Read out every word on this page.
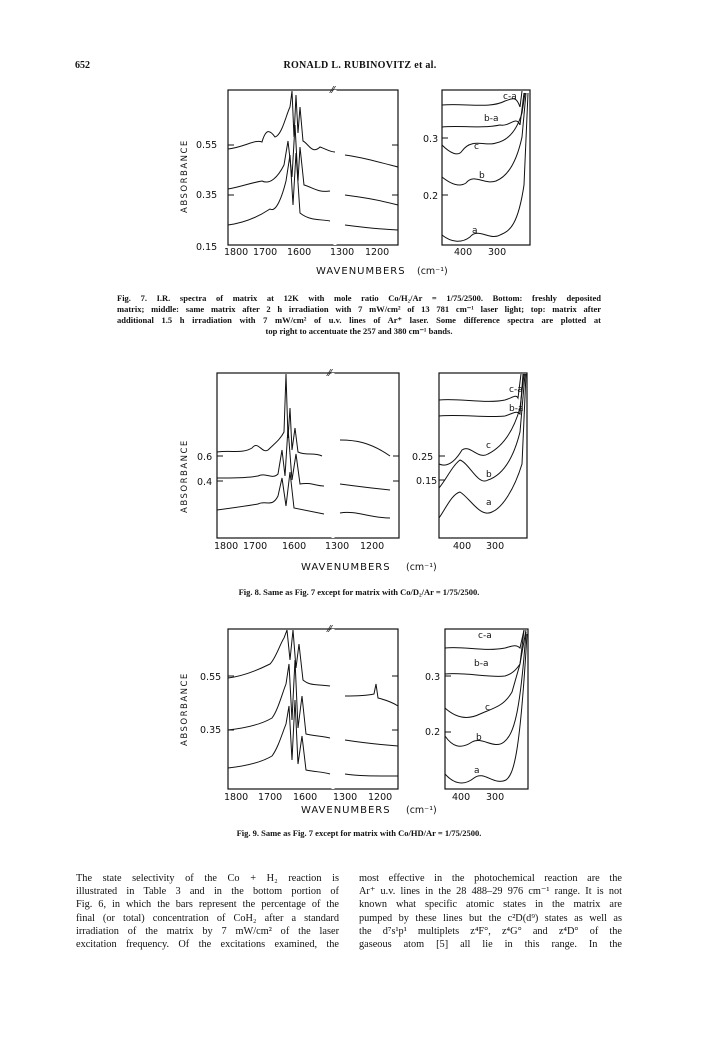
652	RONALD L. RUBINOVITZ et al.
⁄⁄
ABSORBANCE 0.55
0.35
0.15
0.3
0.2
1800 1700 1600 1300 1200	400 300
WAVENUMBERS (cm⁻¹)
c-a
b-a
c
b
a
Fig. 7. I.R. spectra of matrix at 12K with mole ratio Co/H₂/Ar = 1/75/2500. Bottom: freshly deposited
matrix; middle: same matrix after 2 h irradiation with 7 mW/cm² of 13 781 cm⁻¹ laser light; top: matrix after
additional 1.5 h irradiation with 7 mW/cm² of u.v. lines of Ar⁺ laser. Some difference spectra are plotted at
top right to accentuate the 257 and 380 cm⁻¹ bands.
⁄⁄
ABSORBANCE 0.6
0.4
0.25
0.15
1800 1700 1600 1300 1200	400 300
WAVENUMBERS (cm⁻¹)
c-a
b-a
c
b
a
Fig. 8. Same as Fig. 7 except for matrix with Co/D₂/Ar = 1/75/2500.
⁄⁄
ABSORBANCE 0.55
0.35
0.3
0.2
1800 1700 1600 1300 1200	400 300
WAVENUMBERS (cm⁻¹)
c-a
b-a
c
b
a
Fig. 9. Same as Fig. 7 except for matrix with Co/HD/Ar = 1/75/2500.
The state selectivity of the Co + H₂ reaction is
illustrated in Table 3 and in the bottom portion of
Fig. 6, in which the bars represent the percentage of the
final (or total) concentration of CoH₂ after a standard
irradiation of the matrix by 7 mW/cm² of the laser
excitation frequency. Of the excitations examined, the
most effective in the photochemical reaction are the
Ar⁺ u.v. lines in the 28 488–29 976 cm⁻¹ range. It is not
known what specific atomic states in the matrix are
pumped by these lines but the c²D(d⁹) states as well as
the d⁷s¹p¹ multiplets z⁴F°, z⁴G° and z⁴D° of the
gaseous atom [5] all lie in this range. In the
